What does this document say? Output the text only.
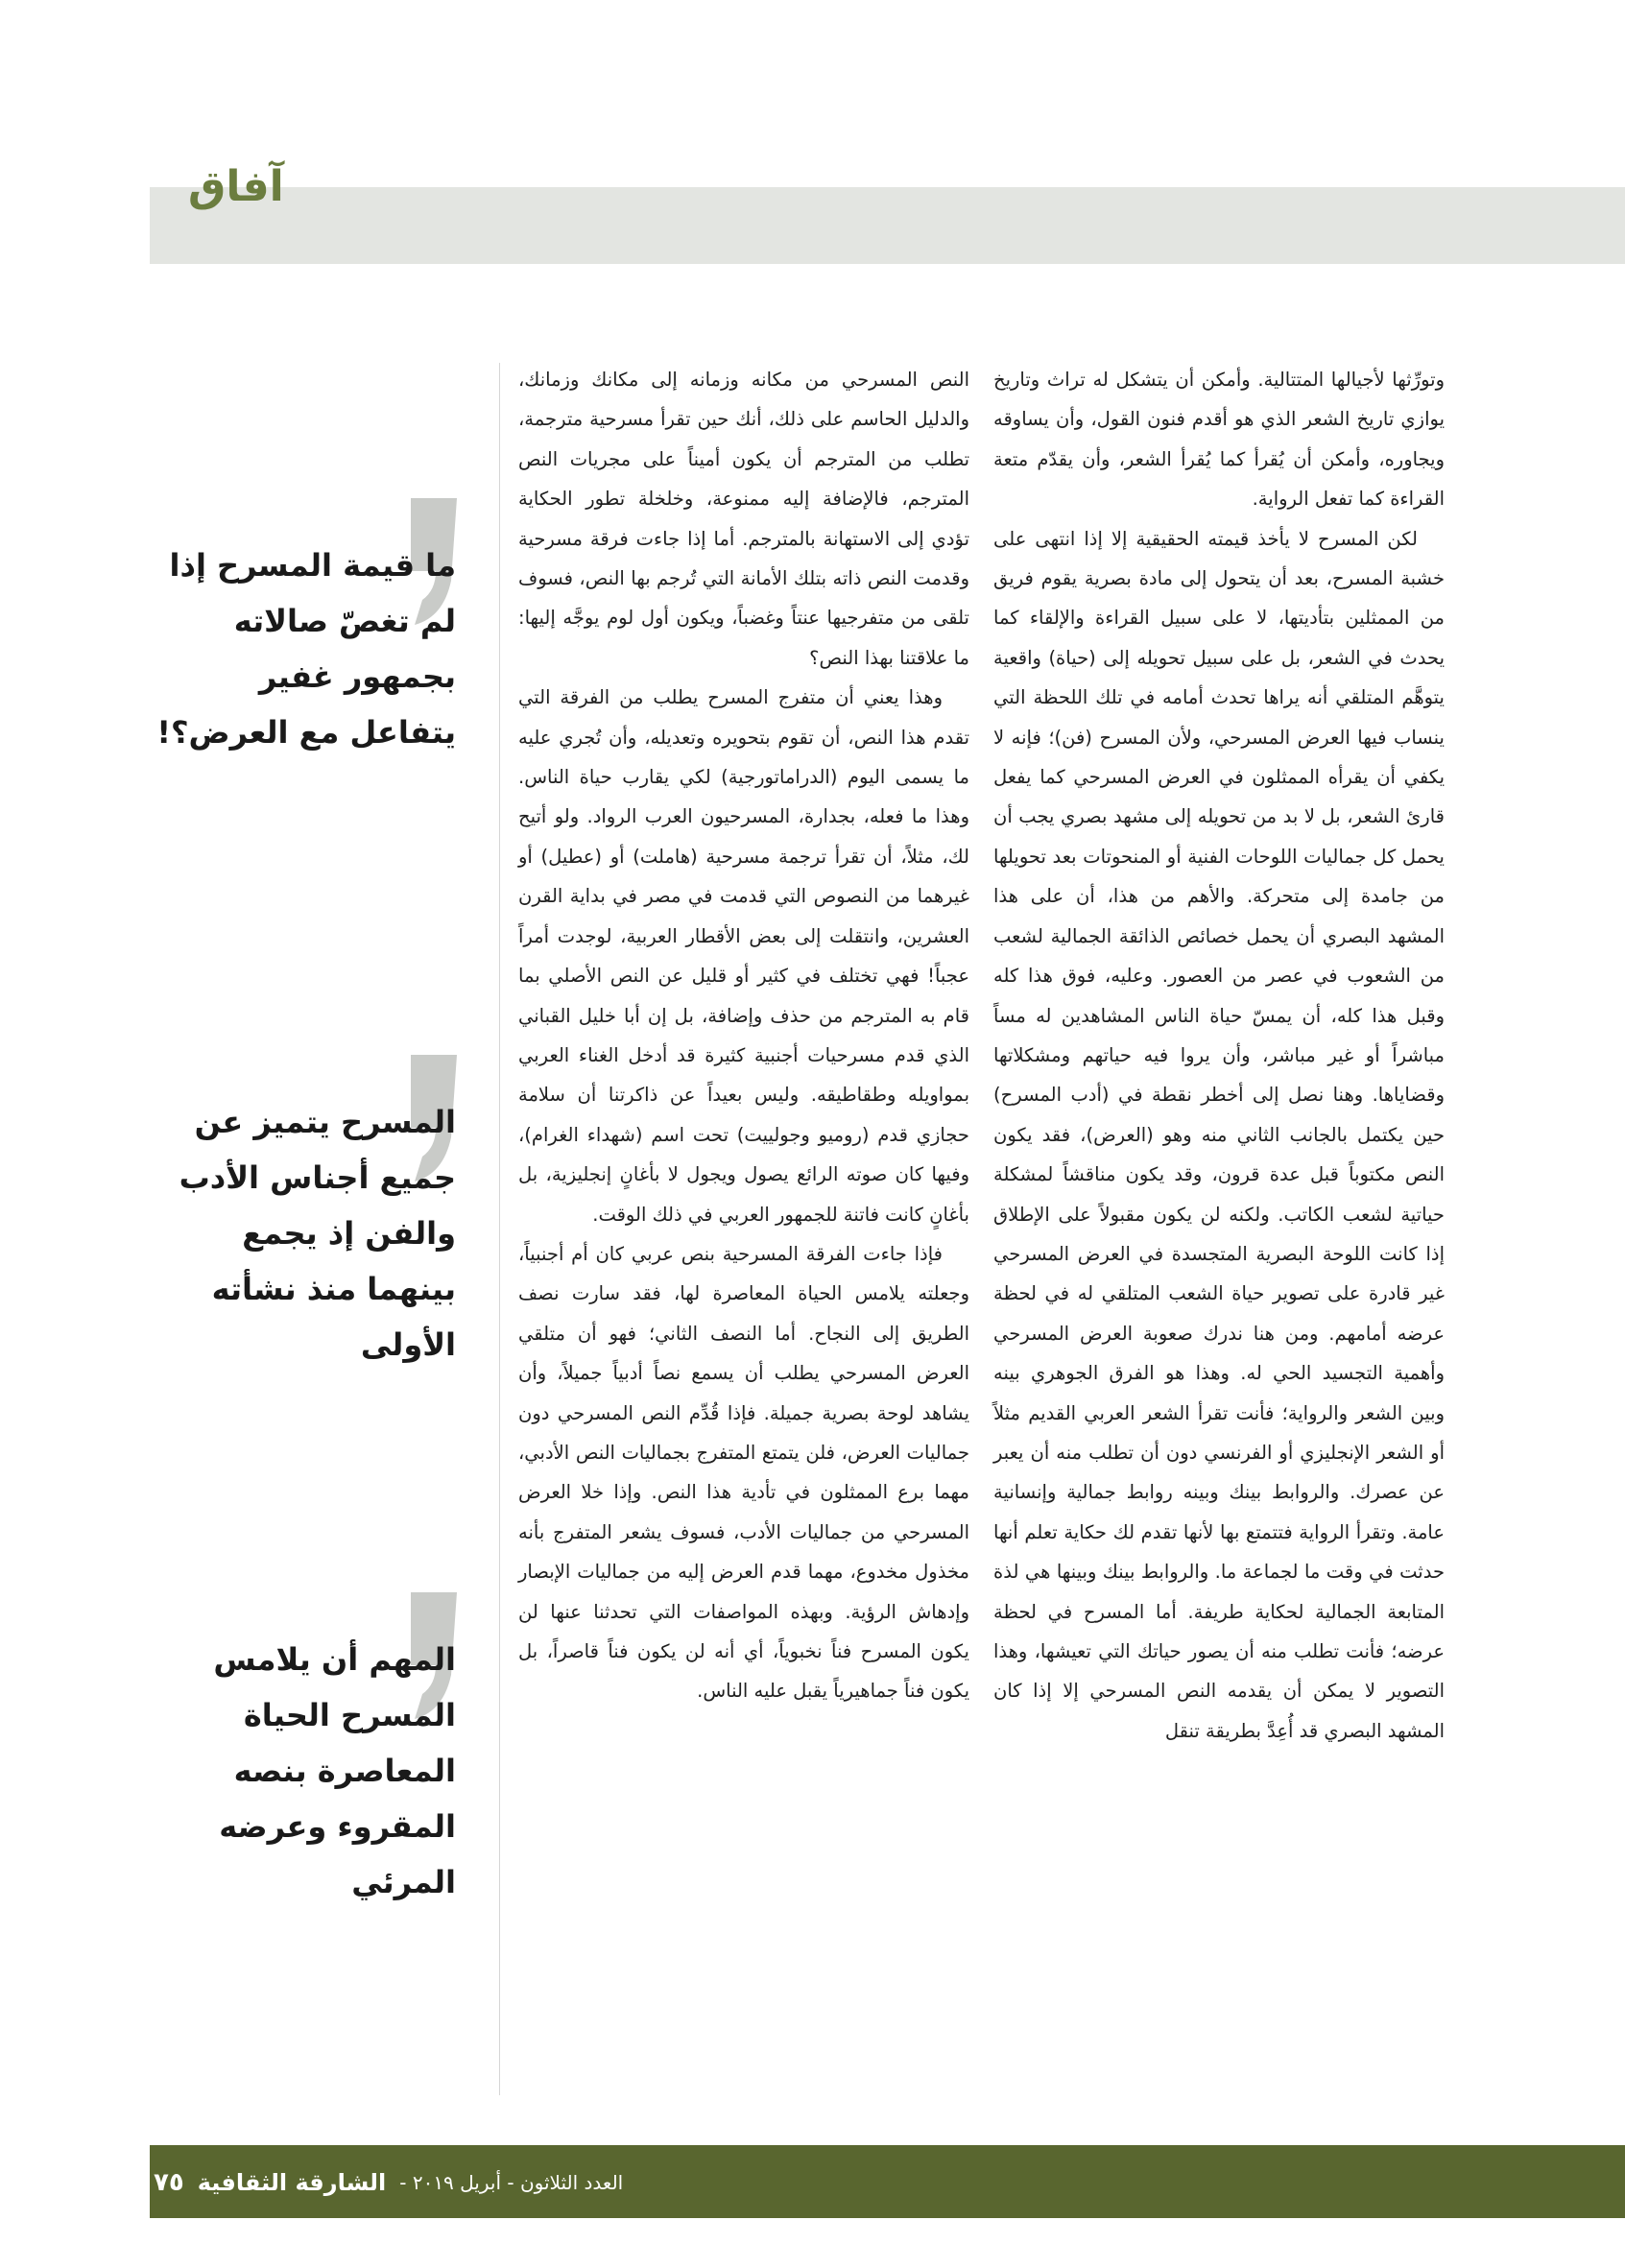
آفاق

وتورِّثها لأجيالها المتتالية. وأمكن أن يتشكل له تراث وتاريخ يوازي تاريخ الشعر الذي هو أقدم فنون القول، وأن يساوقه ويجاوره، وأمكن أن يُقرأ كما يُقرأ الشعر، وأن يقدّم متعة القراءة كما تفعل الرواية.

لكن المسرح لا يأخذ قيمته الحقيقية إلا إذا انتهى على خشبة المسرح، بعد أن يتحول إلى مادة بصرية يقوم فريق من الممثلين بتأديتها، لا على سبيل القراءة والإلقاء كما يحدث في الشعر، بل على سبيل تحويله إلى (حياة) واقعية يتوهَّم المتلقي أنه يراها تحدث أمامه في تلك اللحظة التي ينساب فيها العرض المسرحي، ولأن المسرح (فن)؛ فإنه لا يكفي أن يقرأه الممثلون في العرض المسرحي كما يفعل قارئ الشعر، بل لا بد من تحويله إلى مشهد بصري يجب أن يحمل كل جماليات اللوحات الفنية أو المنحوتات بعد تحويلها من جامدة إلى متحركة. والأهم من هذا، أن على هذا المشهد البصري أن يحمل خصائص الذائقة الجمالية لشعب من الشعوب في عصر من العصور. وعليه، فوق هذا كله وقبل هذا كله، أن يمسّ حياة الناس المشاهدين له مساً مباشراً أو غير مباشر، وأن يروا فيه حياتهم ومشكلاتها وقضاياها. وهنا نصل إلى أخطر نقطة في (أدب المسرح) حين يكتمل بالجانب الثاني منه وهو (العرض)، فقد يكون النص مكتوباً قبل عدة قرون، وقد يكون مناقشاً لمشكلة حياتية لشعب الكاتب. ولكنه لن يكون مقبولاً على الإطلاق إذا كانت اللوحة البصرية المتجسدة في العرض المسرحي غير قادرة على تصوير حياة الشعب المتلقي له في لحظة عرضه أمامهم. ومن هنا ندرك صعوبة العرض المسرحي وأهمية التجسيد الحي له. وهذا هو الفرق الجوهري بينه وبين الشعر والرواية؛ فأنت تقرأ الشعر العربي القديم مثلاً أو الشعر الإنجليزي أو الفرنسي دون أن تطلب منه أن يعبر عن عصرك. والروابط بينك وبينه روابط جمالية وإنسانية عامة. وتقرأ الرواية فتتمتع بها لأنها تقدم لك حكاية تعلم أنها حدثت في وقت ما لجماعة ما. والروابط بينك وبينها هي لذة المتابعة الجمالية لحكاية طريفة. أما المسرح في لحظة عرضه؛ فأنت تطلب منه أن يصور حياتك التي تعيشها، وهذا التصوير لا يمكن أن يقدمه النص المسرحي إلا إذا كان المشهد البصري قد أُعِدَّ بطريقة تنقل

النص المسرحي من مكانه وزمانه إلى مكانك وزمانك، والدليل الحاسم على ذلك، أنك حين تقرأ مسرحية مترجمة، تطلب من المترجم أن يكون أميناً على مجريات النص المترجم، فالإضافة إليه ممنوعة، وخلخلة تطور الحكاية تؤدي إلى الاستهانة بالمترجم. أما إذا جاءت فرقة مسرحية وقدمت النص ذاته بتلك الأمانة التي تُرجم بها النص، فسوف تلقى من متفرجيها عنتاً وغضباً، ويكون أول لوم يوجَّه إليها: ما علاقتنا بهذا النص؟

وهذا يعني أن متفرج المسرح يطلب من الفرقة التي تقدم هذا النص، أن تقوم بتحويره وتعديله، وأن تُجري عليه ما يسمى اليوم (الدراماتورجية) لكي يقارب حياة الناس. وهذا ما فعله، بجدارة، المسرحيون العرب الرواد. ولو أتيح لك، مثلاً، أن تقرأ ترجمة مسرحية (هاملت) أو (عطيل) أو غيرهما من النصوص التي قدمت في مصر في بداية القرن العشرين، وانتقلت إلى بعض الأقطار العربية، لوجدت أمراً عجباً! فهي تختلف في كثير أو قليل عن النص الأصلي بما قام به المترجم من حذف وإضافة، بل إن أبا خليل القباني الذي قدم مسرحيات أجنبية كثيرة قد أدخل الغناء العربي بمواويله وطقاطيقه. وليس بعيداً عن ذاكرتنا أن سلامة حجازي قدم (روميو وجولييت) تحت اسم (شهداء الغرام)، وفيها كان صوته الرائع يصول ويجول لا بأغانٍ إنجليزية، بل بأغانٍ كانت فاتنة للجمهور العربي في ذلك الوقت.

فإذا جاءت الفرقة المسرحية بنص عربي كان أم أجنبياً، وجعلته يلامس الحياة المعاصرة لها، فقد سارت نصف الطريق إلى النجاح. أما النصف الثاني؛ فهو أن متلقي العرض المسرحي يطلب أن يسمع نصاً أدبياً جميلاً، وأن يشاهد لوحة بصرية جميلة. فإذا قُدِّم النص المسرحي دون جماليات العرض، فلن يتمتع المتفرج بجماليات النص الأدبي، مهما برع الممثلون في تأدية هذا النص. وإذا خلا العرض المسرحي من جماليات الأدب، فسوف يشعر المتفرج بأنه مخذول مخدوع، مهما قدم العرض إليه من جماليات الإبصار وإدهاش الرؤية. وبهذه المواصفات التي تحدثنا عنها لن يكون المسرح فناً نخبوياً، أي أنه لن يكون فناً قاصراً، بل يكون فناً جماهيرياً يقبل عليه الناس.

ما قيمة المسرح إذا لم تغصّ صالاته بجمهور غفير يتفاعل مع العرض؟!
المسرح يتميز عن جميع أجناس الأدب والفن إذ يجمع بينهما منذ نشأته الأولى
المهم أن يلامس المسرح الحياة المعاصرة بنصه المقروء وعرضه المرئي
العدد الثلاثون - أبريل ٢٠١٩ -
الشارقة الثقافية
٧٥
